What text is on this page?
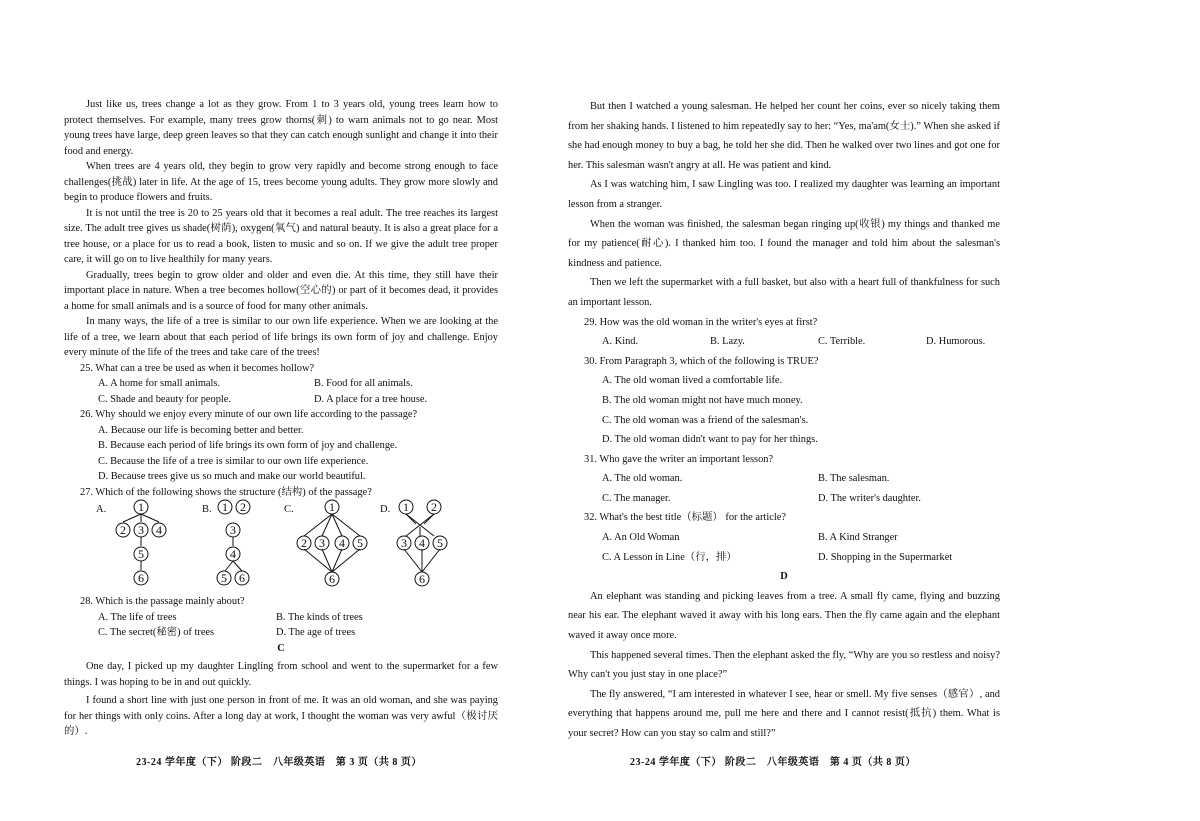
Just like us, trees change a lot as they grow. From 1 to 3 years old, young trees learn how to protect themselves. For example, many trees grow thorns(刺) to warn animals not to go near. Most young trees have large, deep green leaves so that they can catch enough sunlight and change it into their food and energy.

When trees are 4 years old, they begin to grow very rapidly and become strong enough to face challenges(挑战) later in life. At the age of 15, trees become young adults. They grow more slowly and begin to produce flowers and fruits.

It is not until the tree is 20 to 25 years old that it becomes a real adult. The tree reaches its largest size. The adult tree gives us shade(树荫), oxygen(氧气) and natural beauty. It is also a great place for a tree house, or a place for us to read a book, listen to music and so on. If we give the adult tree proper care, it will go on to live healthily for many years.

Gradually, trees begin to grow older and older and even die. At this time, they still have their important place in nature. When a tree becomes hollow(空心的) or part of it becomes dead, it provides a home for small animals and is a source of food for many other animals.

In many ways, the life of a tree is similar to our own life experience. When we are looking at the life of a tree, we learn about that each period of life brings its own form of joy and challenge. Enjoy every minute of the life of the trees and take care of the trees!

25. What can a tree be used as when it becomes hollow?

A. A home for small animals.	B. Food for all animals.
C. Shade and beauty for people.	D. A place for a tree house.

26. Why should we enjoy every minute of our own life according to the passage?

A. Because our life is becoming better and better.
B. Because each period of life brings its own form of joy and challenge.
C. Because the life of a tree is similar to our own life experience.
D. Because trees give us so much and make our world beautiful.

27. Which of the following shows the structure (结构) of the passage?

A.	1
2 3 4
5
6
B. 1 2
3
4
5 6
C.	1
2 3 4 5
6
D. 1 2
3 4 5
6

28. Which is the passage mainly about?

A. The life of trees	B. The kinds of trees
C. The secret(秘密) of trees	D. The age of trees

C

One day, I picked up my daughter Lingling from school and went to the supermarket for a few things. I was hoping to be in and out quickly.

I found a short line with just one person in front of me. It was an old woman, and she was paying for her things with only coins. After a long day at work, I thought the woman was very awful（极讨厌的）.

23-24 学年度（下） 阶段二　八年级英语　第 3 页（共 8 页）

But then I watched a young salesman. He helped her count her coins, ever so nicely taking them from her shaking hands. I listened to him repeatedly say to her: “Yes, ma'am(女士).” When she asked if she had enough money to buy a bag, he told her she did. Then he walked over two lines and got one for her. This salesman wasn't angry at all. He was patient and kind.

As I was watching him, I saw Lingling was too. I realized my daughter was learning an important lesson from a stranger.

When the woman was finished, the salesman began ringing up(收银) my things and thanked me for my patience(耐心). I thanked him too. I found the manager and told him about the salesman's kindness and patience.

Then we left the supermarket with a full basket, but also with a heart full of thankfulness for such an important lesson.

29. How was the old woman in the writer's eyes at first?

A. Kind.	B. Lazy.	C. Terrible.	D. Humorous.

30. From Paragraph 3, which of the following is TRUE?

A. The old woman lived a comfortable life.
B. The old woman might not have much money.
C. The old woman was a friend of the salesman's.
D. The old woman didn't want to pay for her things.

31. Who gave the writer an important lesson?

A. The old woman.	B. The salesman.
C. The manager.	D. The writer's daughter.

32. What's the best title（标题） for the article?

A. An Old Woman	B. A Kind Stranger
C. A Lesson in Line（行，排）	D. Shopping in the Supermarket

D

An elephant was standing and picking leaves from a tree. A small fly came, flying and buzzing near his ear. The elephant waved it away with his long ears. Then the fly came again and the elephant waved it away once more.

This happened several times. Then the elephant asked the fly, “Why are you so restless and noisy? Why can't you just stay in one place?”

The fly answered, “I am interested in whatever I see, hear or smell. My five senses（感官）, and everything that happens around me, pull me here and there and I cannot resist(抵抗) them. What is your secret? How can you stay so calm and still?”

23-24 学年度（下） 阶段二　八年级英语　第 4 页（共 8 页）
